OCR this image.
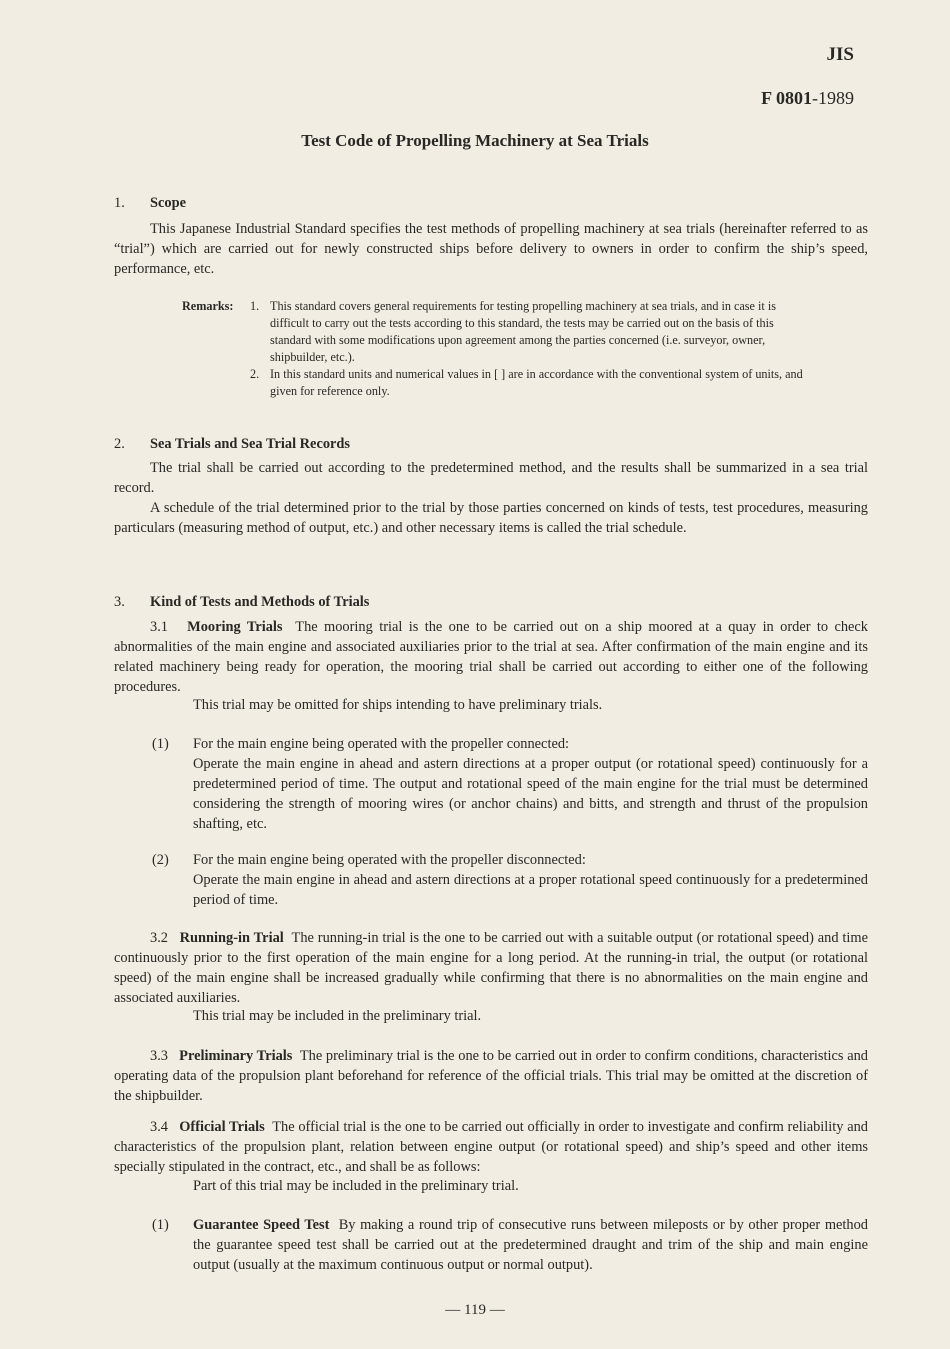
JIS
F 0801-1989
Test Code of Propelling Machinery at Sea Trials
1. Scope
This Japanese Industrial Standard specifies the test methods of propelling machinery at sea trials (hereinafter referred to as “trial”) which are carried out for newly constructed ships before delivery to owners in order to confirm the ship’s speed, performance, etc.
Remarks: 1. This standard covers general requirements for testing propelling machinery at sea trials, and in case it is difficult to carry out the tests according to this standard, the tests may be carried out on the basis of this standard with some modifications upon agreement among the parties concerned (i.e. surveyor, owner, shipbuilder, etc.).
2. In this standard units and numerical values in [ ] are in accordance with the conventional system of units, and given for reference only.
2. Sea Trials and Sea Trial Records
The trial shall be carried out according to the predetermined method, and the results shall be summarized in a sea trial record.
A schedule of the trial determined prior to the trial by those parties concerned on kinds of tests, test procedures, measuring particulars (measuring method of output, etc.) and other necessary items is called the trial schedule.
3. Kind of Tests and Methods of Trials
3.1 Mooring Trials The mooring trial is the one to be carried out on a ship moored at a quay in order to check abnormalities of the main engine and associated auxiliaries prior to the trial at sea. After confirmation of the main engine and its related machinery being ready for operation, the mooring trial shall be carried out according to either one of the following procedures.
This trial may be omitted for ships intending to have preliminary trials.
(1) For the main engine being operated with the propeller connected:
Operate the main engine in ahead and astern directions at a proper output (or rotational speed) continuously for a predetermined period of time. The output and rotational speed of the main engine for the trial must be determined considering the strength of mooring wires (or anchor chains) and bitts, and strength and thrust of the propulsion shafting, etc.
(2) For the main engine being operated with the propeller disconnected:
Operate the main engine in ahead and astern directions at a proper rotational speed continuously for a predetermined period of time.
3.2 Running-in Trial The running-in trial is the one to be carried out with a suitable output (or rotational speed) and time continuously prior to the first operation of the main engine for a long period. At the running-in trial, the output (or rotational speed) of the main engine shall be increased gradually while confirming that there is no abnormalities on the main engine and associated auxiliaries.
This trial may be included in the preliminary trial.
3.3 Preliminary Trials The preliminary trial is the one to be carried out in order to confirm conditions, characteristics and operating data of the propulsion plant beforehand for reference of the official trials. This trial may be omitted at the discretion of the shipbuilder.
3.4 Official Trials The official trial is the one to be carried out officially in order to investigate and confirm reliability and characteristics of the propulsion plant, relation between engine output (or rotational speed) and ship’s speed and other items specially stipulated in the contract, etc., and shall be as follows:
Part of this trial may be included in the preliminary trial.
(1) Guarantee Speed Test By making a round trip of consecutive runs between mileposts or by other proper method the guarantee speed test shall be carried out at the predetermined draught and trim of the ship and main engine output (usually at the maximum continuous output or normal output).
— 119 —
